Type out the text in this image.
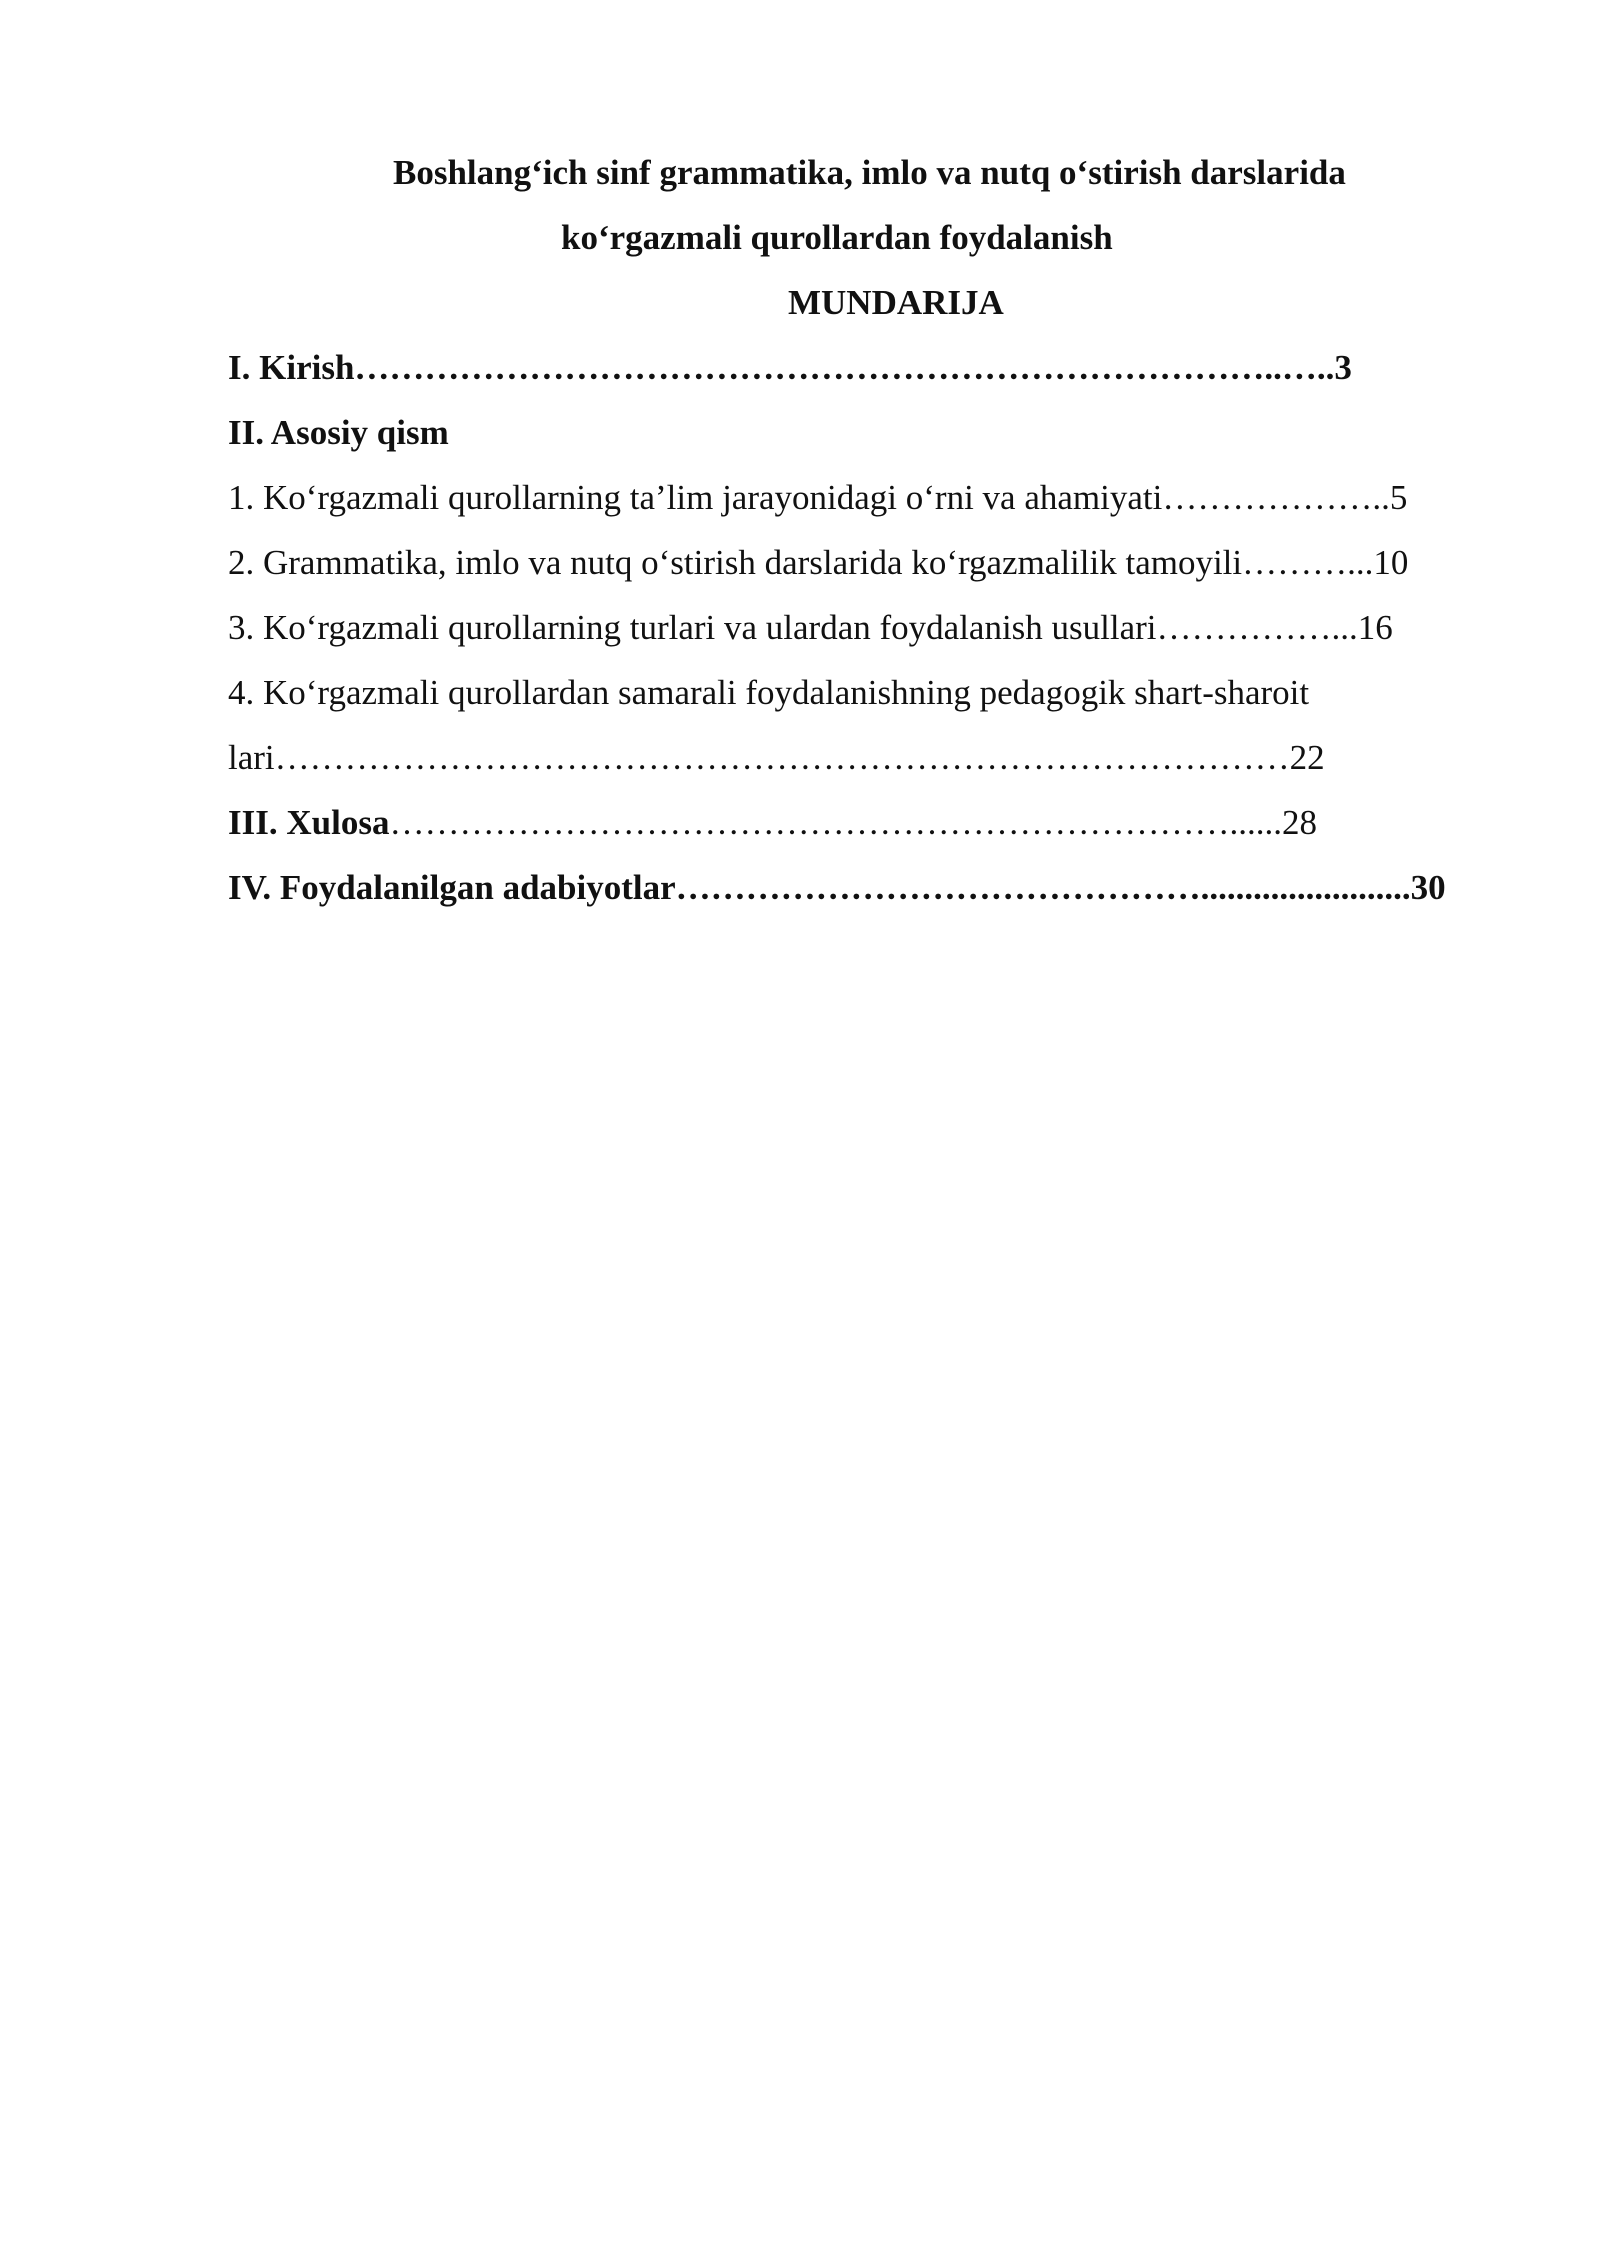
Boshlang‘ich sinf grammatika, imlo va nutq o‘stirish darslarida
ko‘rgazmali qurollardan foydalanish
MUNDARIJA
I. Kirish……………………………………………………………………..…..3
II. Asosiy qism
1. Ko‘rgazmali qurollarning ta’lim jarayonidagi o‘rni va ahamiyati………………..5
2. Grammatika, imlo va nutq o‘stirish darslarida ko‘rgazmalilik tamoyili………...10
3. Ko‘rgazmali qurollarning turlari va ulardan foydalanish usullari……………...16
4. Ko‘rgazmali qurollardan samarali foydalanishning pedagogik shart-sharoit
lari……………………………………………………………………………22
III. Xulosa………………………………………………………………......28
IV. Foydalanilgan adabiyotlar………………………………………........................30
